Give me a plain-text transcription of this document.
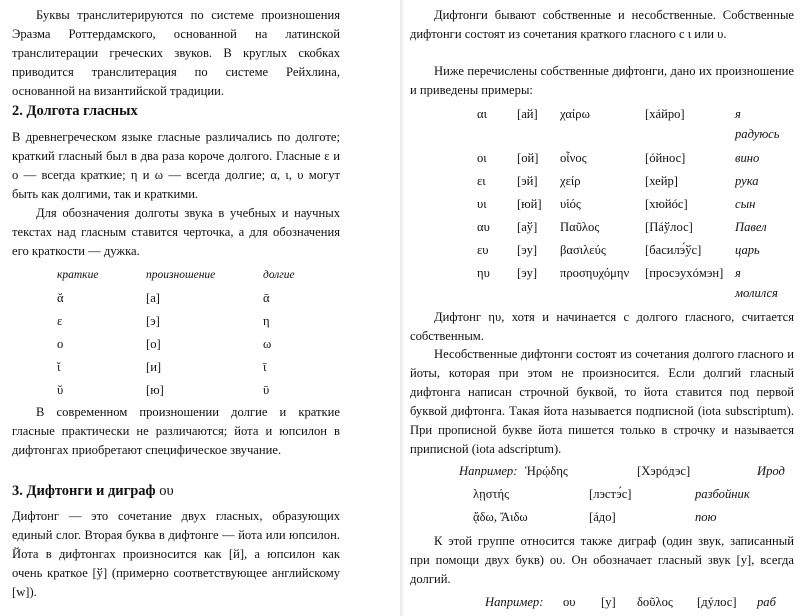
Буквы транслитерируются по системе произношения Эразма Роттердамского, основанной на латинской транслитерации греческих звуков. В круглых скобках приводится транслитерация по системе Рейхлина, основанной на византийской традиции.

2. Долгота гласных

В древнегреческом языке гласные различались по долготе; краткий гласный был в два раза короче долгого. Гласные ε и ο — всегда краткие; η и ω — всегда долгие; α, ι, υ могут быть как долгими, так и краткими.

Для обозначения долготы звука в учебных и научных текстах над гласным ставится черточка, а для обозначения его краткости — дужка.

краткие	произношение	долгие
ᾰ	[а]	ᾱ
ε	[э]	η
ο	[о]	ω
ῐ	[и]	ῑ
ῠ	[ю]	ῡ

В современном произношении долгие и краткие гласные практически не различаются; йота и юпсилон в дифтонгах приобретают специфическое звучание.

3. Дифтонги и диграф ου

Дифтонг — это сочетание двух гласных, образующих единый слог. Вторая буква в дифтонге — йота или юпсилон. Йота в дифтонгах произносится как [й], а юпсилон как очень краткое [ў] (примерно соответствующее английскому [w]).

Дифтонги бывают собственные и несобственные. Собственные дифтонги состоят из сочетания краткого гласного с ι или υ.

Ниже перечислены собственные дифтонги, дано их произношение и приведены примеры:

αι [ай] χαίρω	[хáйро]	я
радуюсь
οι [ой] οἶνος	[óйнос]	вино
ει [эй] χείρ	[хейр]	рука
υι [юй] υἱός	[хюйóс]	сын
αυ [аў] Παῦλος	[Пáўлос]	Павел
ευ [эу] βασιλεύς	[басилэ́ўс]	царь
ηυ [эу] προσηυχόμην [просэухóмэн] я
молился

Дифтонг ηυ, хотя и начинается с долгого гласного, считается собственным.

Несобственные дифтонги состоят из сочетания долгого гласного и йоты, которая при этом не произносится. Если долгий гласный дифтонга написан строчной буквой, то йота ставится под первой буквой дифтонга. Такая йота называется подписной (iota subscriptum). При прописной букве йота пишется только в строчку и называется приписной (iota adscriptum).

Например: Ἡρῴδης	[Хэрóдэс]	Ирод
λῃστής	[лэстэ́с]	разбойник
ᾄδω, Ἄιδω	[áдо]	пою

К этой группе относится также диграф (один звук, записанный при помощи двух букв) ου. Он обозначает гласный звук [у], всегда долгий.

Например: ου [у] δοῦλος [дýлос] раб
